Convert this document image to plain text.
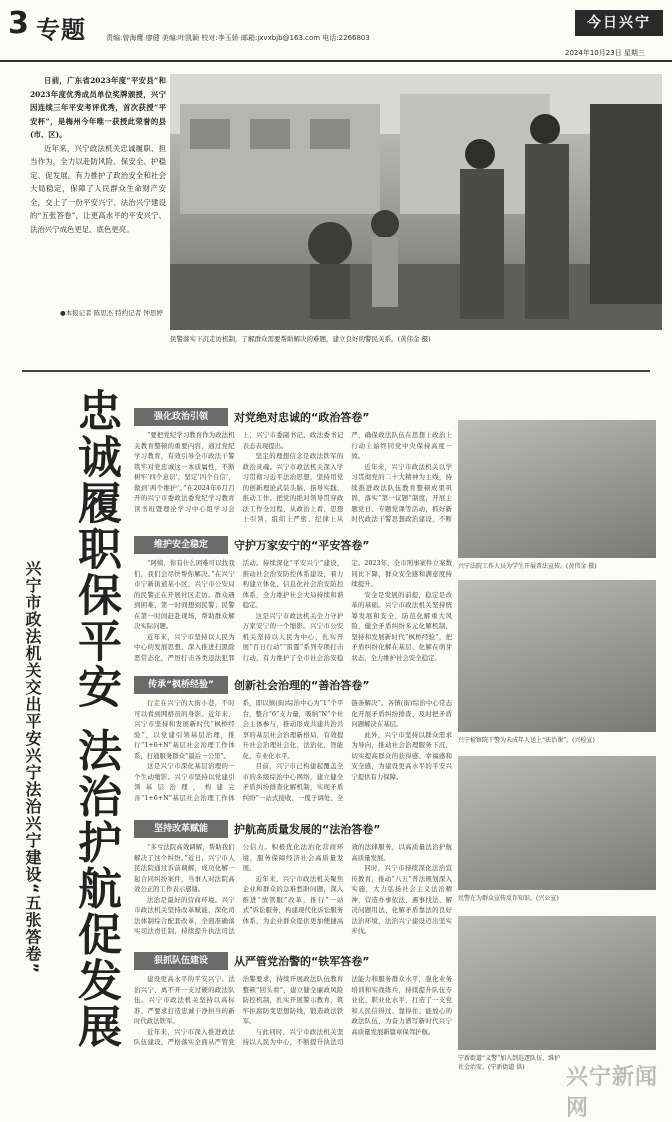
3 专题	责编:曾海鹰 廖健 美编:叶凯颖 校对:李玉娇 邮箱:jxvxbjb@163.com 电话:2266803
今日兴宁
2024年10月23日 星期三

日前，广东省2023年度“平安县”和2023年度优秀成员单位奖牌颁授，兴宁因连续三年平安考评优秀，首次获授“平安杯”，是梅州今年唯一获授此荣誉的县(市、区)。

近年来，兴宁政法机关忠诚履职、担当作为，全力以赴防风险、保安全、护稳定、促发展。有力推护了政治安全和社会大局稳定，保障了人民群众生命财产安全，交上了一份平安兴宁、法治兴宁建设的“五张答卷”，让更高水平的平安兴宁、法治兴宁成色更足、底色更亮。

●本报记者 陈思杰 特约记者 钟思婷
民警落实下沉走访机制，了解群众需要帮助解决的难题，建立良好的警民关系。(黄伟金 摄)
忠诚履职保平安 法治护航促发展
兴宁市政法机关交出平安兴宁法治兴宁建设“五张答卷”
强化政治引领	对党绝对忠诚的“政治答卷”

“要把党纪学习教育作为政法机关教育整顿的重要内容，通过党纪学习教育，有效引导全市政法干警筑牢对党忠诚这一本质属性，不断树牢‘四个意识’，坚定‘四个自信’，做到‘两个维护’。”在2024年6月召开的兴宁市委政法委党纪学习教育读书班暨理论学习中心组学习会上，兴宁市委副书记、政法委书记表态表现提出。

坚定的理想信念是政法铁军的政治灵魂。兴宁市政法机关深入学习贯彻习近平法治思想，坚持用党的创新理论武装头脑、指导实践、推动工作。把党的绝对领导贯穿政法工作全过程，从政治上看、思想上引领、组织上严密、纪律上从严，确保政法队伍在思想上政治上行动上始终同党中央保持高度一致。

近年来，兴宁市政法机关以学习贯彻党的二十大精神为主线，持续推进政法队伍教育整顿成果巩固，落实“第一议题”制度，开展主题党日、专题党课等活动，抓好新时代政法干警思想政治建设，不断

维护安全稳定	守护万家安宁的“平安答卷”

“阿姨，你有什么困难可以找我们，我们会尽快帮你解决。”在兴宁市宁新街道某小区，兴宁市公安局的民警正在开展社区走访。群众遇到困难，第一时间想到民警；民警在第一时间赶赴现场，帮助群众解决实际问题。

近年来，兴宁市坚持以人民为中心的发展思想，深入推进扫黑除恶常态化，严厉打击各类违法犯罪活动。持续深化“平安兴宁”建设，推动社会治安防控体系建设，着力构建立体化、信息化社会治安防控体系，全力维护社会大局持续和谐稳定。

这是兴宁市政法机关全力守护万家安宁的一个缩影。兴宁市公安机关坚持以人民为中心，扎实开展“百日行动”“雷霆”系列专项打击行动，有力维护了全市社会治安稳定。2023年，全市刑事案件立案数同比下降，群众安全感和满意度持续提升。

安全是发展的前提，稳定是改革的基础。兴宁市政法机关坚持统筹发展和安全，防范化解重大风险，健全矛盾纠纷多元化解机制，坚持和发展新时代“枫桥经验”，把矛盾纠纷化解在基层、化解在萌芽状态，全力维护社会安全稳定。

传承“枫桥经验”	创新社会治理的“善治答卷”

行走在兴宁的大街小巷，不时可以看到网格员的身影。近年来，兴宁市坚持和发展新时代“枫桥经验”，以党建引领基层治理，推行“1+6+N”基层社会治理工作体系，打通服务群众“最后一公里”。

这是兴宁市深化基层治理的一个生动缩影。兴宁市坚持以党建引领基层治理，构建完善“1+6+N”基层社会治理工作体系，即以镇(街)综治中心为“1”个平台，整合“6”支力量，吸纳“N”个社会主体参与，推动形成共建共治共享的基层社会治理新格局，有效提升社会治理社会化、法治化、智能化、专业化水平。

目前，兴宁市已构建起覆盖全市的多级综治中心网络，建立健全矛盾纠纷排查化解机制，实现矛盾纠纷“一站式接收、一揽子调处、全链条解决”。各镇(街)综治中心常态化开展矛盾纠纷排查，及时把矛盾问题解决在基层。

此外，兴宁市坚持以群众需求为导向，推动社会治理服务下沉，切实提高群众的获得感、幸福感和安全感，为建设更高水平的平安兴宁提供有力保障。

坚持改革赋能	护航高质量发展的“法治答卷”

“多亏法院高效调解，帮助我们解决了这个纠纷。”近日，兴宁市人民法院通过诉前调解，成功化解一起合同纠纷案件，当事人对法院高效公正的工作表示感谢。

法治是最好的营商环境。兴宁市政法机关坚持改革赋能，深化司法体制综合配套改革，全面准确落实司法责任制，持续提升执法司法公信力。积极优化法治化营商环境，服务保障经济社会高质量发展。

近年来，兴宁市政法机关聚焦企业和群众的急难愁盼问题，深入推进“放管服”改革，推行“一站式”诉讼服务，构建现代化诉讼服务体系，为企业群众提供更加便捷高效的法律服务，以高质量法治护航高质量发展。

同时，兴宁市持续深化法治宣传教育，推动“八五”普法规划深入实施，大力弘扬社会主义法治精神，营造办事依法、遇事找法、解决问题用法、化解矛盾靠法的良好法治环境，法治兴宁建设迈出坚实步伐。

狠抓队伍建设	从严管党治警的“铁军答卷”

建设更高水平的平安兴宁、法治兴宁，离不开一支过硬的政法队伍。兴宁市政法机关坚持以高标准、严要求打造忠诚干净担当的新时代政法铁军。

近年来，兴宁市深入推进政法队伍建设，严格落实全面从严管党治警要求，持续开展政法队伍教育整顿“回头看”，建立健全廉政风险防控机制，扎实开展警示教育，筑牢拒腐防变思想防线，锻造政法铁军。

与此同时，兴宁市政法机关坚持以人民为中心，不断提升执法司法能力和服务群众水平，强化业务培训和实战练兵，持续提升队伍专业化、职业化水平，打造了一支党和人民信得过、靠得住、能放心的政法队伍，为奋力谱写新时代兴宁高质量发展新篇章保驾护航。

兴宁法院工作人员为学生开展普法宣传。(黄伟金 摄)
兴宁检察院干警为未成年人送上“法治课”。(兴检宣)
民警在为群众宣传反诈知识。(兴公宣)
宁新街道“义警”加入到巡逻队伍，维护社会治安。(宁新街道 供)	兴宁新闻网
